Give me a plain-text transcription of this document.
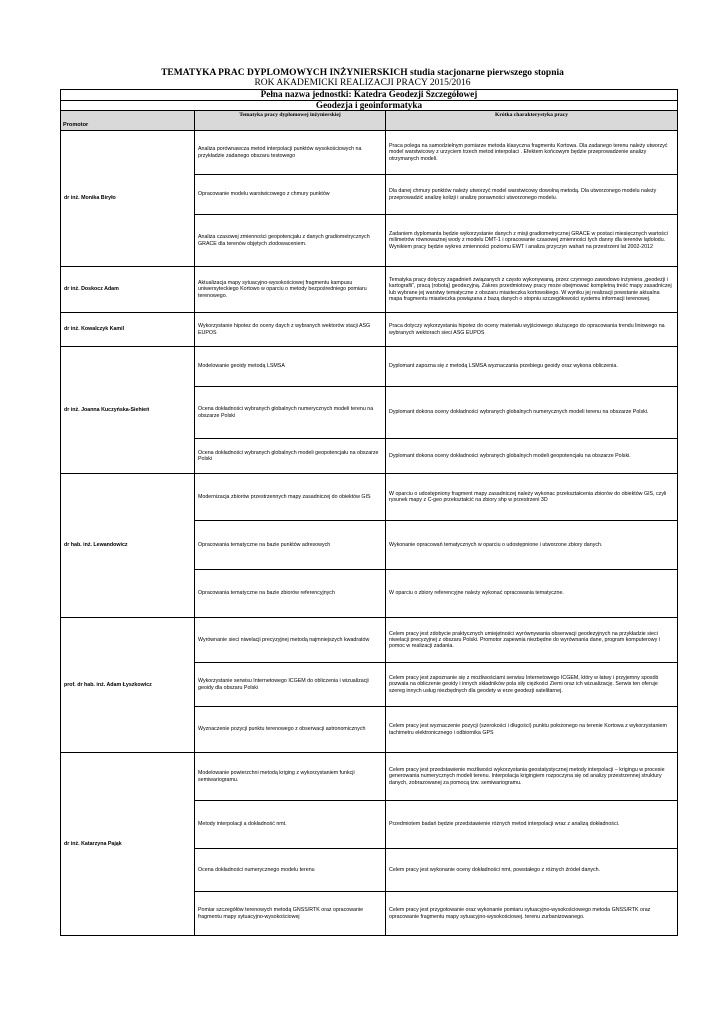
TEMATYKA PRAC DYPLOMOWYCH INŻYNIERSKICH studia stacjonarne pierwszego stopnia
ROK AKADEMICKI REALIZACJI PRACY 2015/2016
Pełna nazwa jednostki: Katedra Geodezji Szczegółowej		
Geodezja i geoinformatyka		
Promotor	Tematyka pracy dyplomowej inżynierskiej	Krótka charakterystyka pracy
dr inż. Monika Biryło	Analiza porównawcza metod interpolacji punktów wysokościowych na przykładzie zadanego obszaru testowego	Praca polega na samodzielnym pomiarze metoda klasyczna fragmentu Kortowa. Dla zadanego terenu należy utworzyć model warstwicowy z urzyciem trzech metod interpolaci . Efektem końcowym będzie przeprowadzenie analizy otrzymanych modeli.
	Opracowanie modelu warstwicowego z chmury punktów	Dla danej chmury punktów należy utworzyć model warstwicowy dowolną metodą. Dla utworzonego modelu należy przeprowadzić analizę kolizji i analizę porawności utworzonego modelu.
	Analiza czasowej zmienności geopotencjału z danych gradiometrycznych GRACE dla terenów objętych zlodowaceniem.	Zadaniem dyplomanta będzie wykorzystanie danych z misji gradiometrycznej GRACE w postaci miesięcznych wartości milimetrów równoważnej wody z modelu DMT-1 i opracowanie czasowej zmienności tych danny dla terenów lądolodu. Wynikiem pracy będzie wykres zmienności poziomu EWT i analiza przyczyn wahań na przestrzeni lat 2002-2012
dr inż. Doskocz Adam	Aktualizacja mapy sytuacyjno-wysokościowej fragmentu kampusu uniwersyteckiego Kortowo w oparciu o metody bezpośredniego pomiaru terenowego.	Tematyka pracy dotyczy zagadnień związanych z często wykonywaną, przez czynnego zawodowo inżyniera „geodezji i kartografii”, pracą (robotą) geodezyjną. Zakres przedmiotowy pracy może obejmować kompletną treść mapy zasadniczej lub wybrane jej warstwy tematyczne z obszaru miasteczka kortowskiego. W wyniku jej realizacji powstanie aktualna mapa fragmentu miasteczka powiązana z bazą danych o stopniu szczegółowości systemu informacji terenowej.
dr inż. Kowalczyk Kamil	Wykorzystanie hipotez do oceny daych z wybranych wektorów stacji ASG EUPOS	Praca dotyczy wykorzystania hipotez do oceny materiału wyjściowego służącego do opracowania trendu liniowego na wybranych wektorach sieci ASG EUPOS
dr inż. Joanna Kuczyńska-Siehień	Modelowanie geoidy metodą LSMSA	Dyplomant zapozna się z metodą LSMSA wyznaczania przebiegu geoidy oraz wykona obliczenia.
	Ocena dokładności wybranych globalnych numerycznych modeli terenu na obszarze Polski	Dyplomant dokona oceny dokładności wybranych globalnych numerycznych modeli terenu na obszarze Polski.
	Ocena dokładności wybranych globalnych modeli geopotencjału na obszarze Polski	Dyplomant dokona oceny dokładności wybranych globalnych modeli geopotencjału na obszarze Polski.
dr hab. inż. Lewandowicz	Modernizacja zbiorów przestrzennych mapy zasadniczej do obiektów GIS	W oparciu o udostępniony fragment mapy zasadniczej należy wykonac przekształcenia zbiorów do obiektów GIS, czyli rysunek mapy z C-geo przekształcić na zbiory shp w przestrzeni 3D
	Opracowania tematyczne na bazie punktów adresowych	Wykonanie opracowań tematycznych w oparciu o udostępnione i utworzone zbiory danych.
	Opracowania tematyczne na bazie zbiorów referencyjnych	W oparciu o zbiory referencyjne należy wykonać opracowania tematyczne.
prof. dr hab. inż. Adam Łyszkowicz	Wyrównanie sieci niwelacji precyzyjnej metodą najmniejszych kwadratów	Celem pracy jest zdobycie praktycznych umiejętności wyrównywania obserwacji geodezyjnych na przykładzie sieci niwelacji precyzyjnej z obszaru Polski. Promotor zapewnia niezbędne do wyrównania dane, program komputerowy i pomoc w realizacji zadania.
	Wykorzystanie serwisu Internetowego ICGEM do obliczenia i wizualizacji geoidy dla obszaru Polski	Celem pracy jest zapoznanie się z możliwościami serwisu Internetowego ICGEM, który w łatwy i przyjemny sposób pozwala na obliczenie geoidy i innych składników pola siły ciężkości Ziemi oraz ich wizualizację. Serwis ten oferuje szereg innych usług niezbędnych dla geodety w erze geodezji satelitarnej.
	Wyznaczenie pozycji punktu terenowego z obserwacji astronomicznych	Celem pracy jest wyznaczenie pozycji (szerokości i długości) punktu położonego na terenie Kortowa z wykorzystaniem tachimetru elektronicznego i odbiornika GPS
dr inż. Katarzyna Pająk	Modelowanie powierzchni metodą kriging z wykorzystaniem funkcji semiwariogramu.	Celem pracy jest przedstawienie możliwości wykorzystania geostatystycznej metody interpolacji – krigingu w procesie generowania numerycznych modeli terenu. Interpolacja krigingiem rozpoczyna się od analizy przestrzennej struktury danych, zobrazowanej za pomocą tzw. semiwariogramu.
	Metody interpolacji a dokładność nmt.	Przedmiotem badań będzie przedstawienie różnych metod interpolacji wraz z analizą dokładności.
	Ocena dokładności numerycznego modelu terenu	Celem pracy jest wykonanie oceny dokładności nmt, powstałego z różnych źródeł danych.
	Pomiar szczegółów terenowych metodą GNSS/RTK oraz opracowanie fragmentu mapy sytuacyjno-wysokościowej	Celem pracy jest przygotowanie oraz wykonanie pomiaru sytuacyjno-wysokościowego metoda GNSS/RTK oraz opracowanie fragmentu mapy sytuacyjno-wysokościowej. terenu zurbanizowanego.
